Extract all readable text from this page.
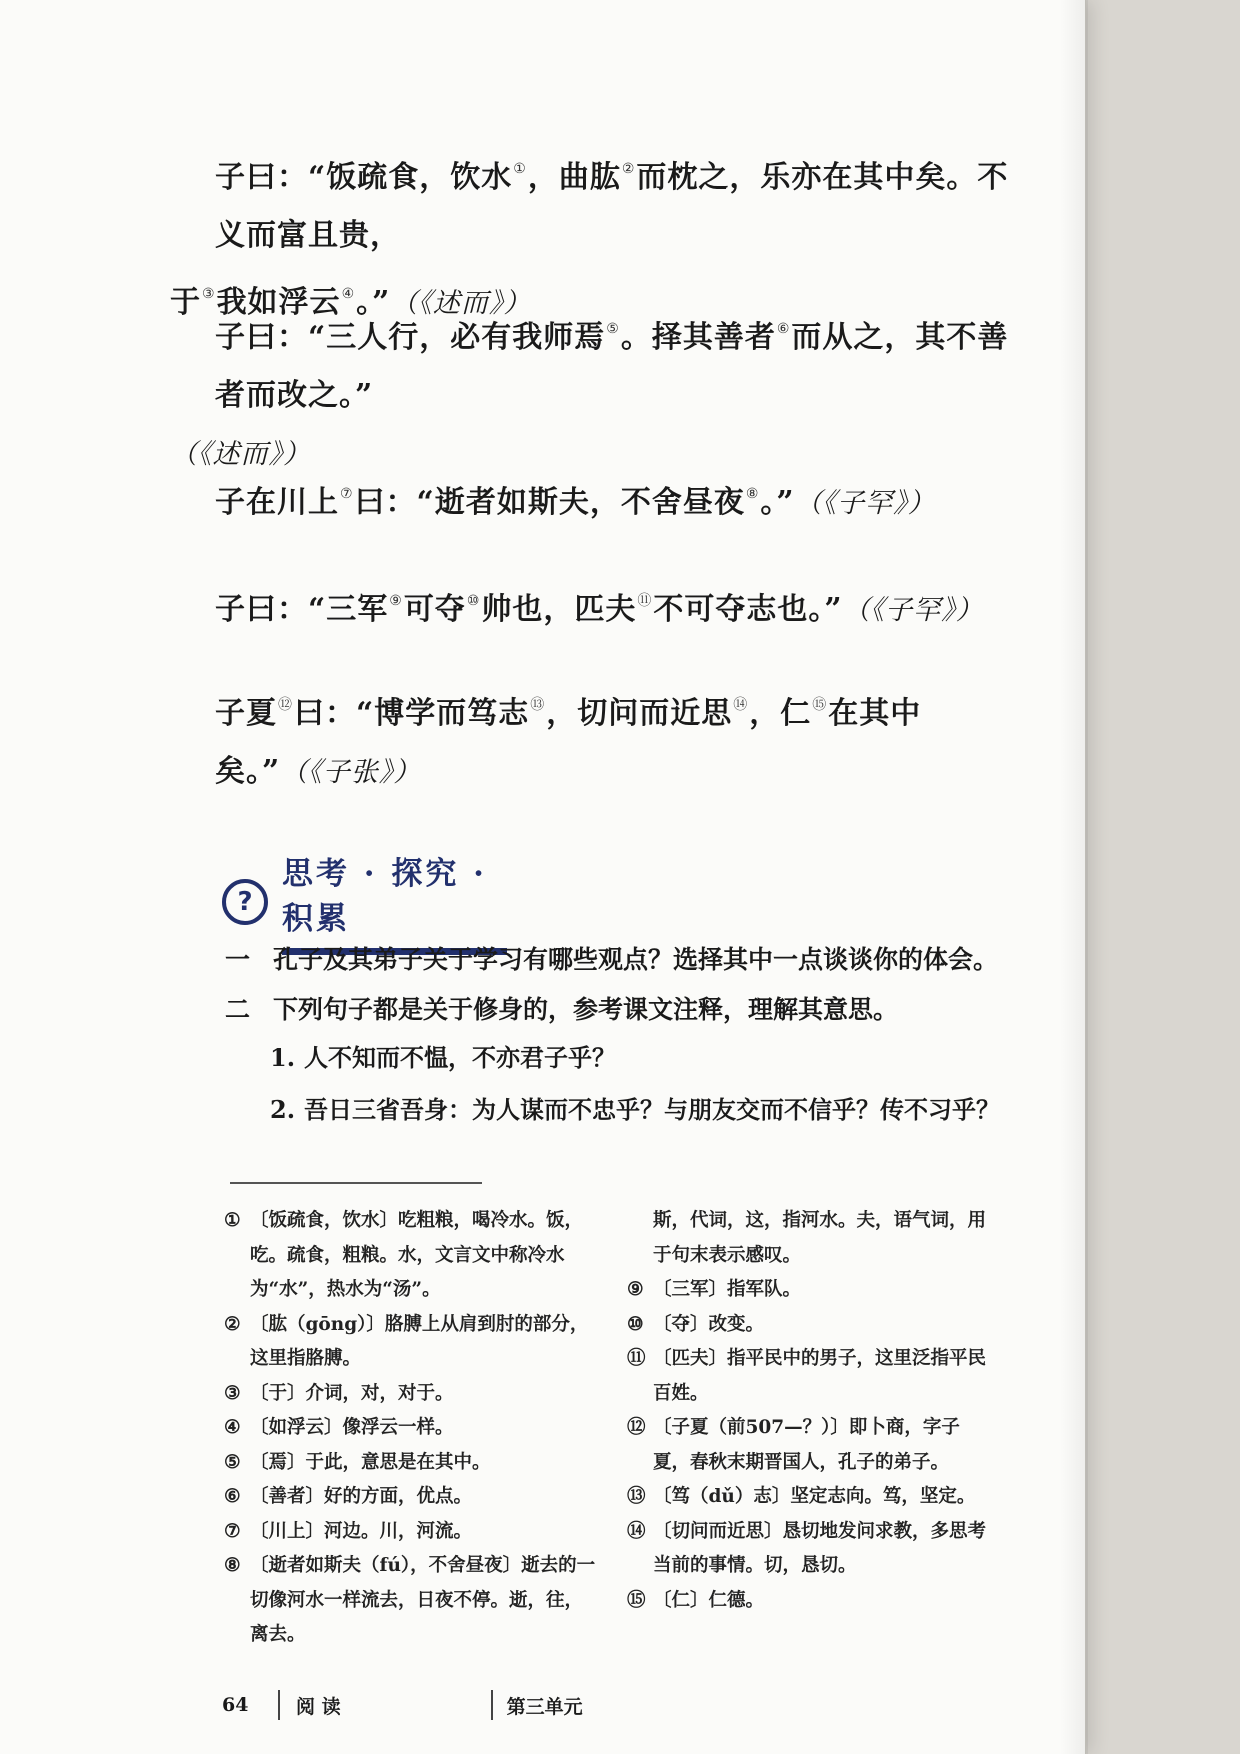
子曰：“饭疏食，饮水①，曲肱②而枕之，乐亦在其中矣。不义而富且贵，
于③我如浮云④。”（《述而》）
子曰：“三人行，必有我师焉⑤。择其善者⑥而从之，其不善者而改之。”
（《述而》）
子在川上⑦曰：“逝者如斯夫，不舍昼夜⑧。”（《子罕》）
子曰：“三军⑨可夺⑩帅也，匹夫⑪不可夺志也。”（《子罕》）
子夏⑫曰：“博学而笃志⑬，切问而近思⑭，仁⑮在其中矣。”（《子张》）
?
思考 · 探究 · 积累
一 孔子及其弟子关于学习有哪些观点？选择其中一点谈谈你的体会。
二 下列句子都是关于修身的，参考课文注释，理解其意思。
1. 人不知而不愠，不亦君子乎？
2. 吾日三省吾身：为人谋而不忠乎？与朋友交而不信乎？传不习乎？
① 〔饭疏食，饮水〕吃粗粮，喝冷水。饭，吃。疏食，粗粮。水，文言文中称冷水为“水”，热水为“汤”。
② 〔肱（gōng）〕胳膊上从肩到肘的部分，这里指胳膊。
③ 〔于〕介词，对，对于。
④ 〔如浮云〕像浮云一样。
⑤ 〔焉〕于此，意思是在其中。
⑥ 〔善者〕好的方面，优点。
⑦ 〔川上〕河边。川，河流。
⑧ 〔逝者如斯夫（fú），不舍昼夜〕逝去的一切像河水一样流去，日夜不停。逝，往，离去。
斯，代词，这，指河水。夫，语气词，用于句末表示感叹。
⑨ 〔三军〕指军队。
⑩ 〔夺〕改变。
⑪ 〔匹夫〕指平民中的男子，这里泛指平民百姓。
⑫ 〔子夏（前507—？）〕即卜商，字子夏，春秋末期晋国人，孔子的弟子。
⑬ 〔笃（dǔ）志〕坚定志向。笃，坚定。
⑭ 〔切问而近思〕恳切地发问求教，多思考当前的事情。切，恳切。
⑮ 〔仁〕仁德。
64	阅 读	第三单元
